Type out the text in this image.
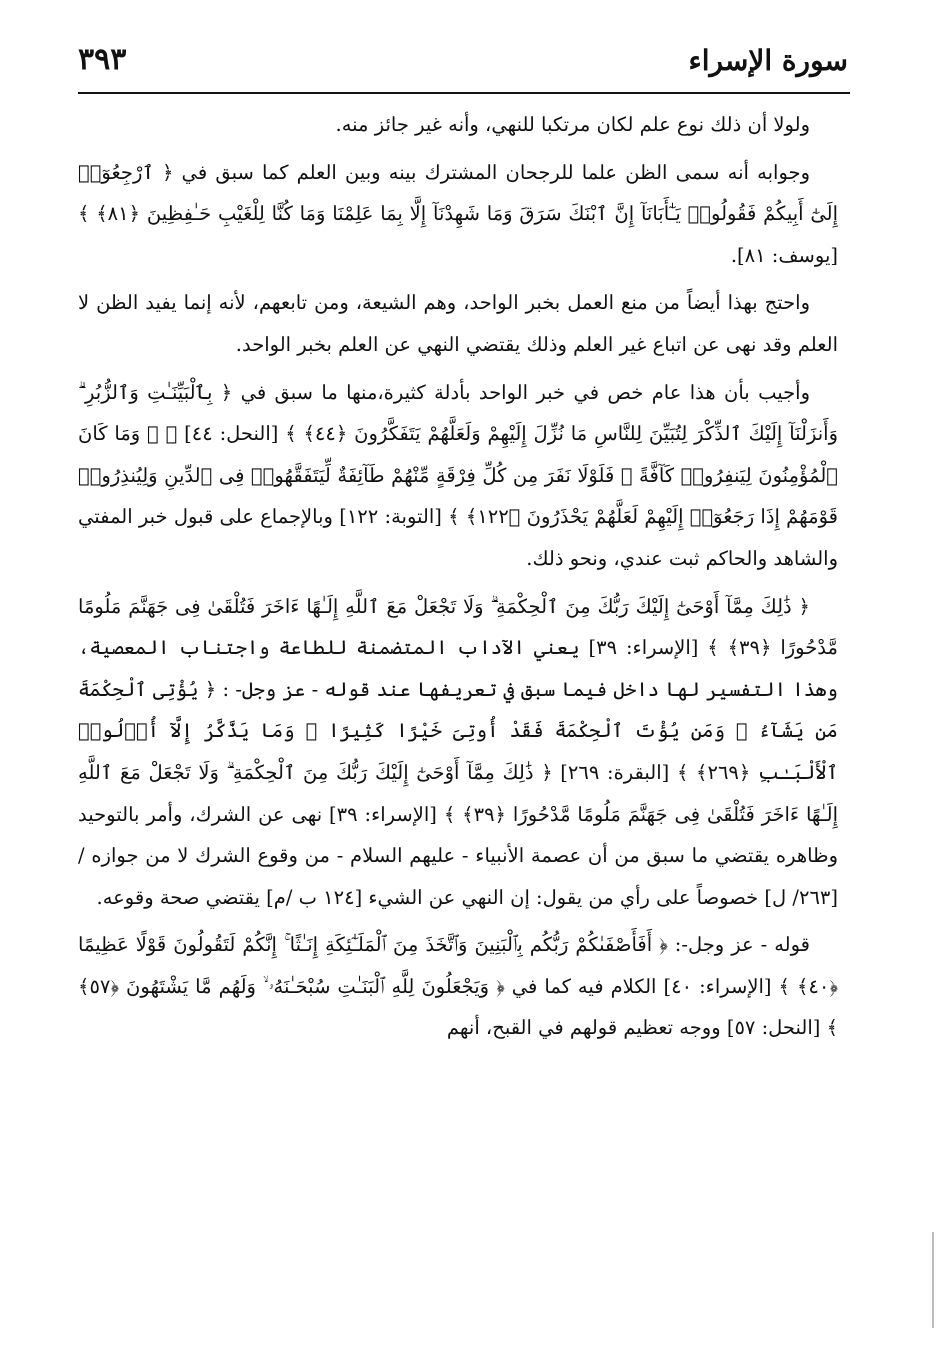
٣٩٣	سورة الإسراء

ولولا أن ذلك نوع علم لكان مرتكبا للنهي، وأنه غير جائز منه.

وجوابه أنه سمى الظن علما للرجحان المشترك بينه وبين العلم كما سبق في ﴿ ٱرْجِعُوٓا۟ إِلَىٰٓ أَبِيكُمْ فَقُولُوا۟ يَـٰٓأَبَانَآ إِنَّ ٱبْنَكَ سَرَقَ وَمَا شَهِدْنَآ إِلَّا بِمَا عَلِمْنَا وَمَا كُنَّا لِلْغَيْبِ حَـٰفِظِينَ ﴿٨١﴾ ﴾ [يوسف: ٨١].

واحتج بهذا أيضاً من منع العمل بخبر الواحد، وهم الشيعة، ومن تابعهم، لأنه إنما يفيد الظن لا العلم وقد نهى عن اتباع غير العلم وذلك يقتضي النهي عن العلم بخبر الواحد.

وأجيب بأن هذا عام خص في خبر الواحد بأدلة كثيرة،منها ما سبق في ﴿ بِٱلْبَيِّنَـٰتِ وَٱلزُّبُرِ ۗ وَأَنزَلْنَآ إِلَيْكَ ٱلذِّكْرَ لِتُبَيِّنَ لِلنَّاسِ مَا نُزِّلَ إِلَيْهِمْ وَلَعَلَّهُمْ يَتَفَكَّرُونَ ﴿٤٤﴾ ﴾ [النحل: ٤٤] ﴿ ۞ وَمَا كَانَ ٱلْمُؤْمِنُونَ لِيَنفِرُوا۟ كَآفَّةً ۚ فَلَوْلَا نَفَرَ مِن كُلِّ فِرْقَةٍ مِّنْهُمْ طَآئِفَةٌ لِّيَتَفَقَّهُوا۟ فِى ٱلدِّينِ وَلِيُنذِرُوا۟ قَوْمَهُمْ إِذَا رَجَعُوٓا۟ إِلَيْهِمْ لَعَلَّهُمْ يَحْذَرُونَ ﴿١٢٢﴾ ﴾ [التوبة: ١٢٢] وبالإجماع على قبول خبر المفتي والشاهد والحاكم ثبت عندي، ونحو ذلك.

﴿ ذَٰلِكَ مِمَّآ أَوْحَىٰٓ إِلَيْكَ رَبُّكَ مِنَ ٱلْحِكْمَةِ ۗ وَلَا تَجْعَلْ مَعَ ٱللَّهِ إِلَـٰهًا ءَاخَرَ فَتُلْقَىٰ فِى جَهَنَّمَ مَلُومًا مَّدْحُورًا ﴿٣٩﴾ ﴾ [الإسراء: ٣٩] يعني الآداب المتضمنة للطاعة واجتناب المعصية، وهذا التفسير لها داخل فيما سبق في تعريفها عند قوله - عز وجل- : ﴿ يُؤْتِى ٱلْحِكْمَةَ مَن يَشَآءُ ۚ وَمَن يُؤْتَ ٱلْحِكْمَةَ فَقَدْ أُوتِىَ خَيْرًا كَثِيرًا ۗ وَمَا يَذَّكَّرُ إِلَّآ أُو۟لُوا۟ ٱلْأَلْبَـٰبِ ﴿٢٦٩﴾ ﴾ [البقرة: ٢٦٩] ﴿ ذَٰلِكَ مِمَّآ أَوْحَىٰٓ إِلَيْكَ رَبُّكَ مِنَ ٱلْحِكْمَةِ ۗ وَلَا تَجْعَلْ مَعَ ٱللَّهِ إِلَـٰهًا ءَاخَرَ فَتُلْقَىٰ فِى جَهَنَّمَ مَلُومًا مَّدْحُورًا ﴿٣٩﴾ ﴾ [الإسراء: ٣٩] نهى عن الشرك، وأمر بالتوحيد وظاهره يقتضي ما سبق من أن عصمة الأنبياء - عليهم السلام - من وقوع الشرك لا من جوازه / [٢٦٣/ ل] خصوصاً على رأي من يقول: إن النهي عن الشيء [١٢٤ ب /م] يقتضي صحة وقوعه.

قوله - عز وجل-: ﴿ أَفَأَصْفَىٰكُمْ رَبُّكُم بِٱلْبَنِينَ وَٱتَّخَذَ مِنَ ٱلْمَلَـٰٓئِكَةِ إِنَـٰثًا ۚ إِنَّكُمْ لَتَقُولُونَ قَوْلًا عَظِيمًا ﴿٤٠﴾ ﴾ [الإسراء: ٤٠] الكلام فيه كما في ﴿ وَيَجْعَلُونَ لِلَّهِ ٱلْبَنَـٰتِ سُبْحَـٰنَهُۥ ۙ وَلَهُم مَّا يَشْتَهُونَ ﴿٥٧﴾ ﴾ [النحل: ٥٧] ووجه تعظيم قولهم في القبح، أنهم
